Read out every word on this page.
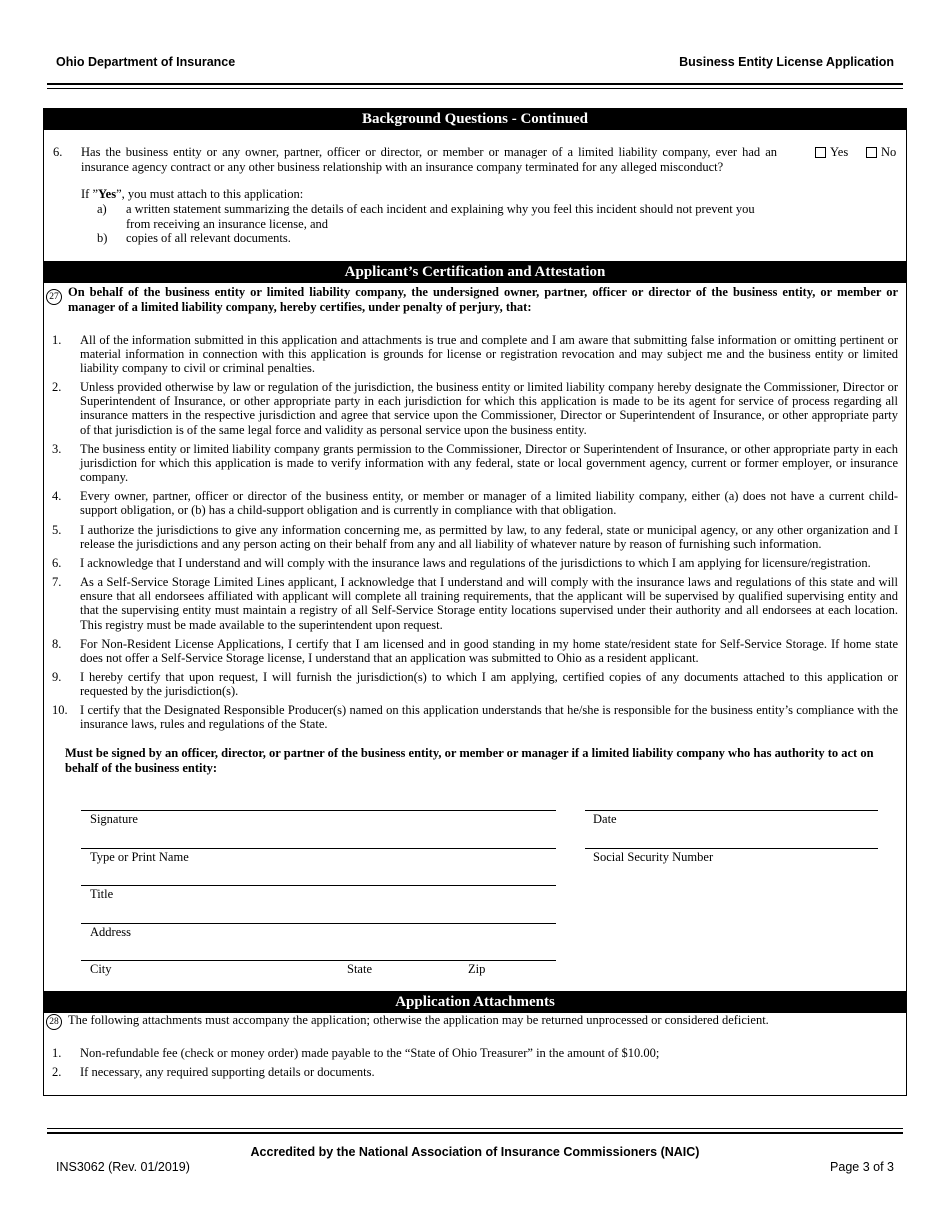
Ohio Department of Insurance	Business Entity License Application
Background Questions - Continued
6. Has the business entity or any owner, partner, officer or director, or member or manager of a limited liability company, ever had an insurance agency contract or any other business relationship with an insurance company terminated for any alleged misconduct?
Yes	No
If ”Yes”, you must attach to this application:
a) a written statement summarizing the details of each incident and explaining why you feel this incident should not prevent you from receiving an insurance license, and
b) copies of all relevant documents.
Applicant’s Certification and Attestation
27 On behalf of the business entity or limited liability company, the undersigned owner, partner, officer or director of the business entity, or member or manager of a limited liability company, hereby certifies, under penalty of perjury, that:
1. All of the information submitted in this application and attachments is true and complete and I am aware that submitting false information or omitting pertinent or material information in connection with this application is grounds for license or registration revocation and may subject me and the business entity or limited liability company to civil or criminal penalties.
2. Unless provided otherwise by law or regulation of the jurisdiction, the business entity or limited liability company hereby designate the Commissioner, Director or Superintendent of Insurance, or other appropriate party in each jurisdiction for which this application is made to be its agent for service of process regarding all insurance matters in the respective jurisdiction and agree that service upon the Commissioner, Director or Superintendent of Insurance, or other appropriate party of that jurisdiction is of the same legal force and validity as personal service upon the business entity.
3. The business entity or limited liability company grants permission to the Commissioner, Director or Superintendent of Insurance, or other appropriate party in each jurisdiction for which this application is made to verify information with any federal, state or local government agency, current or former employer, or insurance company.
4. Every owner, partner, officer or director of the business entity, or member or manager of a limited liability company, either (a) does not have a current child-support obligation, or (b) has a child-support obligation and is currently in compliance with that obligation.
5. I authorize the jurisdictions to give any information concerning me, as permitted by law, to any federal, state or municipal agency, or any other organization and I release the jurisdictions and any person acting on their behalf from any and all liability of whatever nature by reason of furnishing such information.
6. I acknowledge that I understand and will comply with the insurance laws and regulations of the jurisdictions to which I am applying for licensure/registration.
7. As a Self-Service Storage Limited Lines applicant, I acknowledge that I understand and will comply with the insurance laws and regulations of this state and will ensure that all endorsees affiliated with applicant will complete all training requirements, that the applicant will be supervised by qualified supervising entity and that the supervising entity must maintain a registry of all Self-Service Storage entity locations supervised under their authority and all endorsees at each location. This registry must be made available to the superintendent upon request.
8. For Non-Resident License Applications, I certify that I am licensed and in good standing in my home state/resident state for Self-Service Storage. If home state does not offer a Self-Service Storage license, I understand that an application was submitted to Ohio as a resident applicant.
9. I hereby certify that upon request, I will furnish the jurisdiction(s) to which I am applying, certified copies of any documents attached to this application or requested by the jurisdiction(s).
10. I certify that the Designated Responsible Producer(s) named on this application understands that he/she is responsible for the business entity’s compliance with the insurance laws, rules and regulations of the State.
Must be signed by an officer, director, or partner of the business entity, or member or manager if a limited liability company who has authority to act on behalf of the business entity:
Signature	Date
Type or Print Name	Social Security Number
Title
Address
City	State	Zip
Application Attachments
28 The following attachments must accompany the application; otherwise the application may be returned unprocessed or considered deficient.
1. Non-refundable fee (check or money order) made payable to the “State of Ohio Treasurer” in the amount of $10.00;
2. If necessary, any required supporting details or documents.
Accredited by the National Association of Insurance Commissioners (NAIC)
INS3062 (Rev. 01/2019)	Page 3 of 3
